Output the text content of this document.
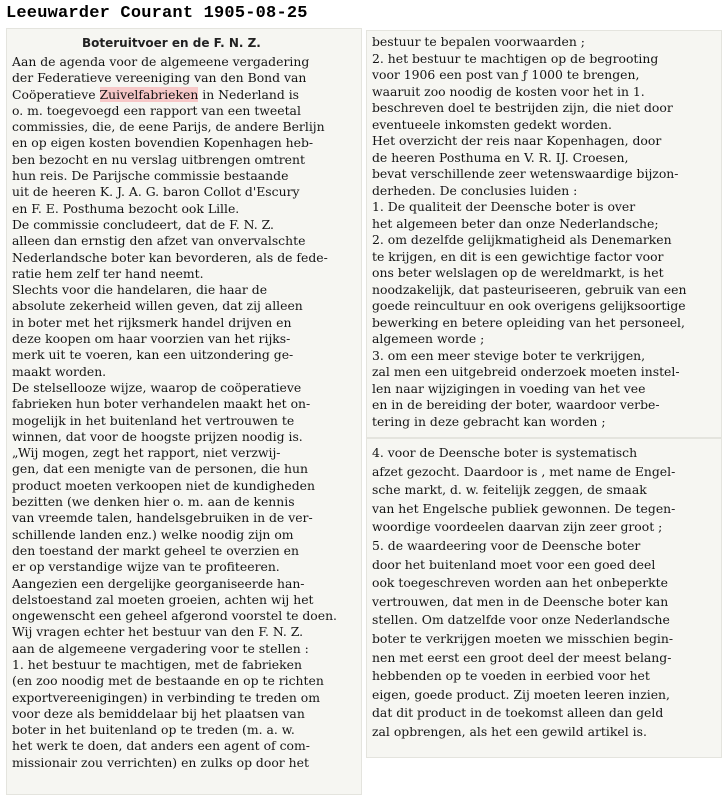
Leeuwarder Courant 1905-08-25
Boteruitvoer en de F. N. Z.
Aan de agenda voor de algemeene vergadering
der Federatieve vereeniging van den Bond van
Coöperatieve Zuivelfabrieken in Nederland is
o. m. toegevoegd een rapport van een tweetal
commissies, die, de eene Parijs, de andere Berlijn
en op eigen kosten bovendien Kopenhagen heb-
ben bezocht en nu verslag uitbrengen omtrent
hun reis. De Parijsche commissie bestaande
uit de heeren K. J. A. G. baron Collot d'Escury
en F. E. Posthuma bezocht ook Lille.
De commissie concludeert, dat de F. N. Z.
alleen dan ernstig den afzet van onvervalschte
Nederlandsche boter kan bevorderen, als de fede-
ratie hem zelf ter hand neemt.
Slechts voor die handelaren, die haar de
absolute zekerheid willen geven, dat zij alleen
in boter met het rijksmerk handel drijven en
deze koopen om haar voorzien van het rijks-
merk uit te voeren, kan een uitzondering ge-
maakt worden.
De stelsellooze wijze, waarop de coöperatieve
fabrieken hun boter verhandelen maakt het on-
mogelijk in het buitenland het vertrouwen te
winnen, dat voor de hoogste prijzen noodig is.
„Wij mogen, zegt het rapport, niet verzwij-
gen, dat een menigte van de personen, die hun
product moeten verkoopen niet de kundigheden
bezitten (we denken hier o. m. aan de kennis
van vreemde talen, handelsgebruiken in de ver-
schillende landen enz.) welke noodig zijn om
den toestand der markt geheel te overzien en
er op verstandige wijze van te profiteeren.
Aangezien een dergelijke georganiseerde han-
delstoestand zal moeten groeien, achten wij het
ongewenscht een geheel afgerond voorstel te doen.
Wij vragen echter het bestuur van den F. N. Z.
aan de algemeene vergadering voor te stellen :
1. het bestuur te machtigen, met de fabrieken
(en zoo noodig met de bestaande en op te richten
exportvereenigingen) in verbinding te treden om
voor deze als bemiddelaar bij het plaatsen van
boter in het buitenland op te treden (m. a. w.
het werk te doen, dat anders een agent of com-
missionair zou verrichten) en zulks op door het
bestuur te bepalen voorwaarden ;
2. het bestuur te machtigen op de begrooting
voor 1906 een post van ƒ 1000 te brengen,
waaruit zoo noodig de kosten voor het in 1.
beschreven doel te bestrijden zijn, die niet door
eventueele inkomsten gedekt worden.
Het overzicht der reis naar Kopenhagen, door
de heeren Posthuma en V. R. IJ. Croesen,
bevat verschillende zeer wetenswaardige bijzon-
derheden. De conclusies luiden :
1. De qualiteit der Deensche boter is over
het algemeen beter dan onze Nederlandsche;
2. om dezelfde gelijkmatigheid als Denemarken
te krijgen, en dit is een gewichtige factor voor
ons beter welslagen op de wereldmarkt, is het
noodzakelijk, dat pasteuriseeren, gebruik van een
goede reincultuur en ook overigens gelijksoortige
bewerking en betere opleiding van het personeel,
algemeen worde ;
3. om een meer stevige boter te verkrijgen,
zal men een uitgebreid onderzoek moeten instel-
len naar wijzigingen in voeding van het vee
en in de bereiding der boter, waardoor verbe-
tering in deze gebracht kan worden ;
4. voor de Deensche boter is systematisch
afzet gezocht. Daardoor is , met name de Engel-
sche markt, d. w. feitelijk zeggen, de smaak
van het Engelsche publiek gewonnen. De tegen-
woordige voordeelen daarvan zijn zeer groot ;
5. de waardeering voor de Deensche boter
door het buitenland moet voor een goed deel
ook toegeschreven worden aan het onbeperkte
vertrouwen, dat men in de Deensche boter kan
stellen. Om datzelfde voor onze Nederlandsche
boter te verkrijgen moeten we misschien begin-
nen met eerst een groot deel der meest belang-
hebbenden op te voeden in eerbied voor het
eigen, goede product. Zij moeten leeren inzien,
dat dit product in de toekomst alleen dan geld
zal opbrengen, als het een gewild artikel is.
